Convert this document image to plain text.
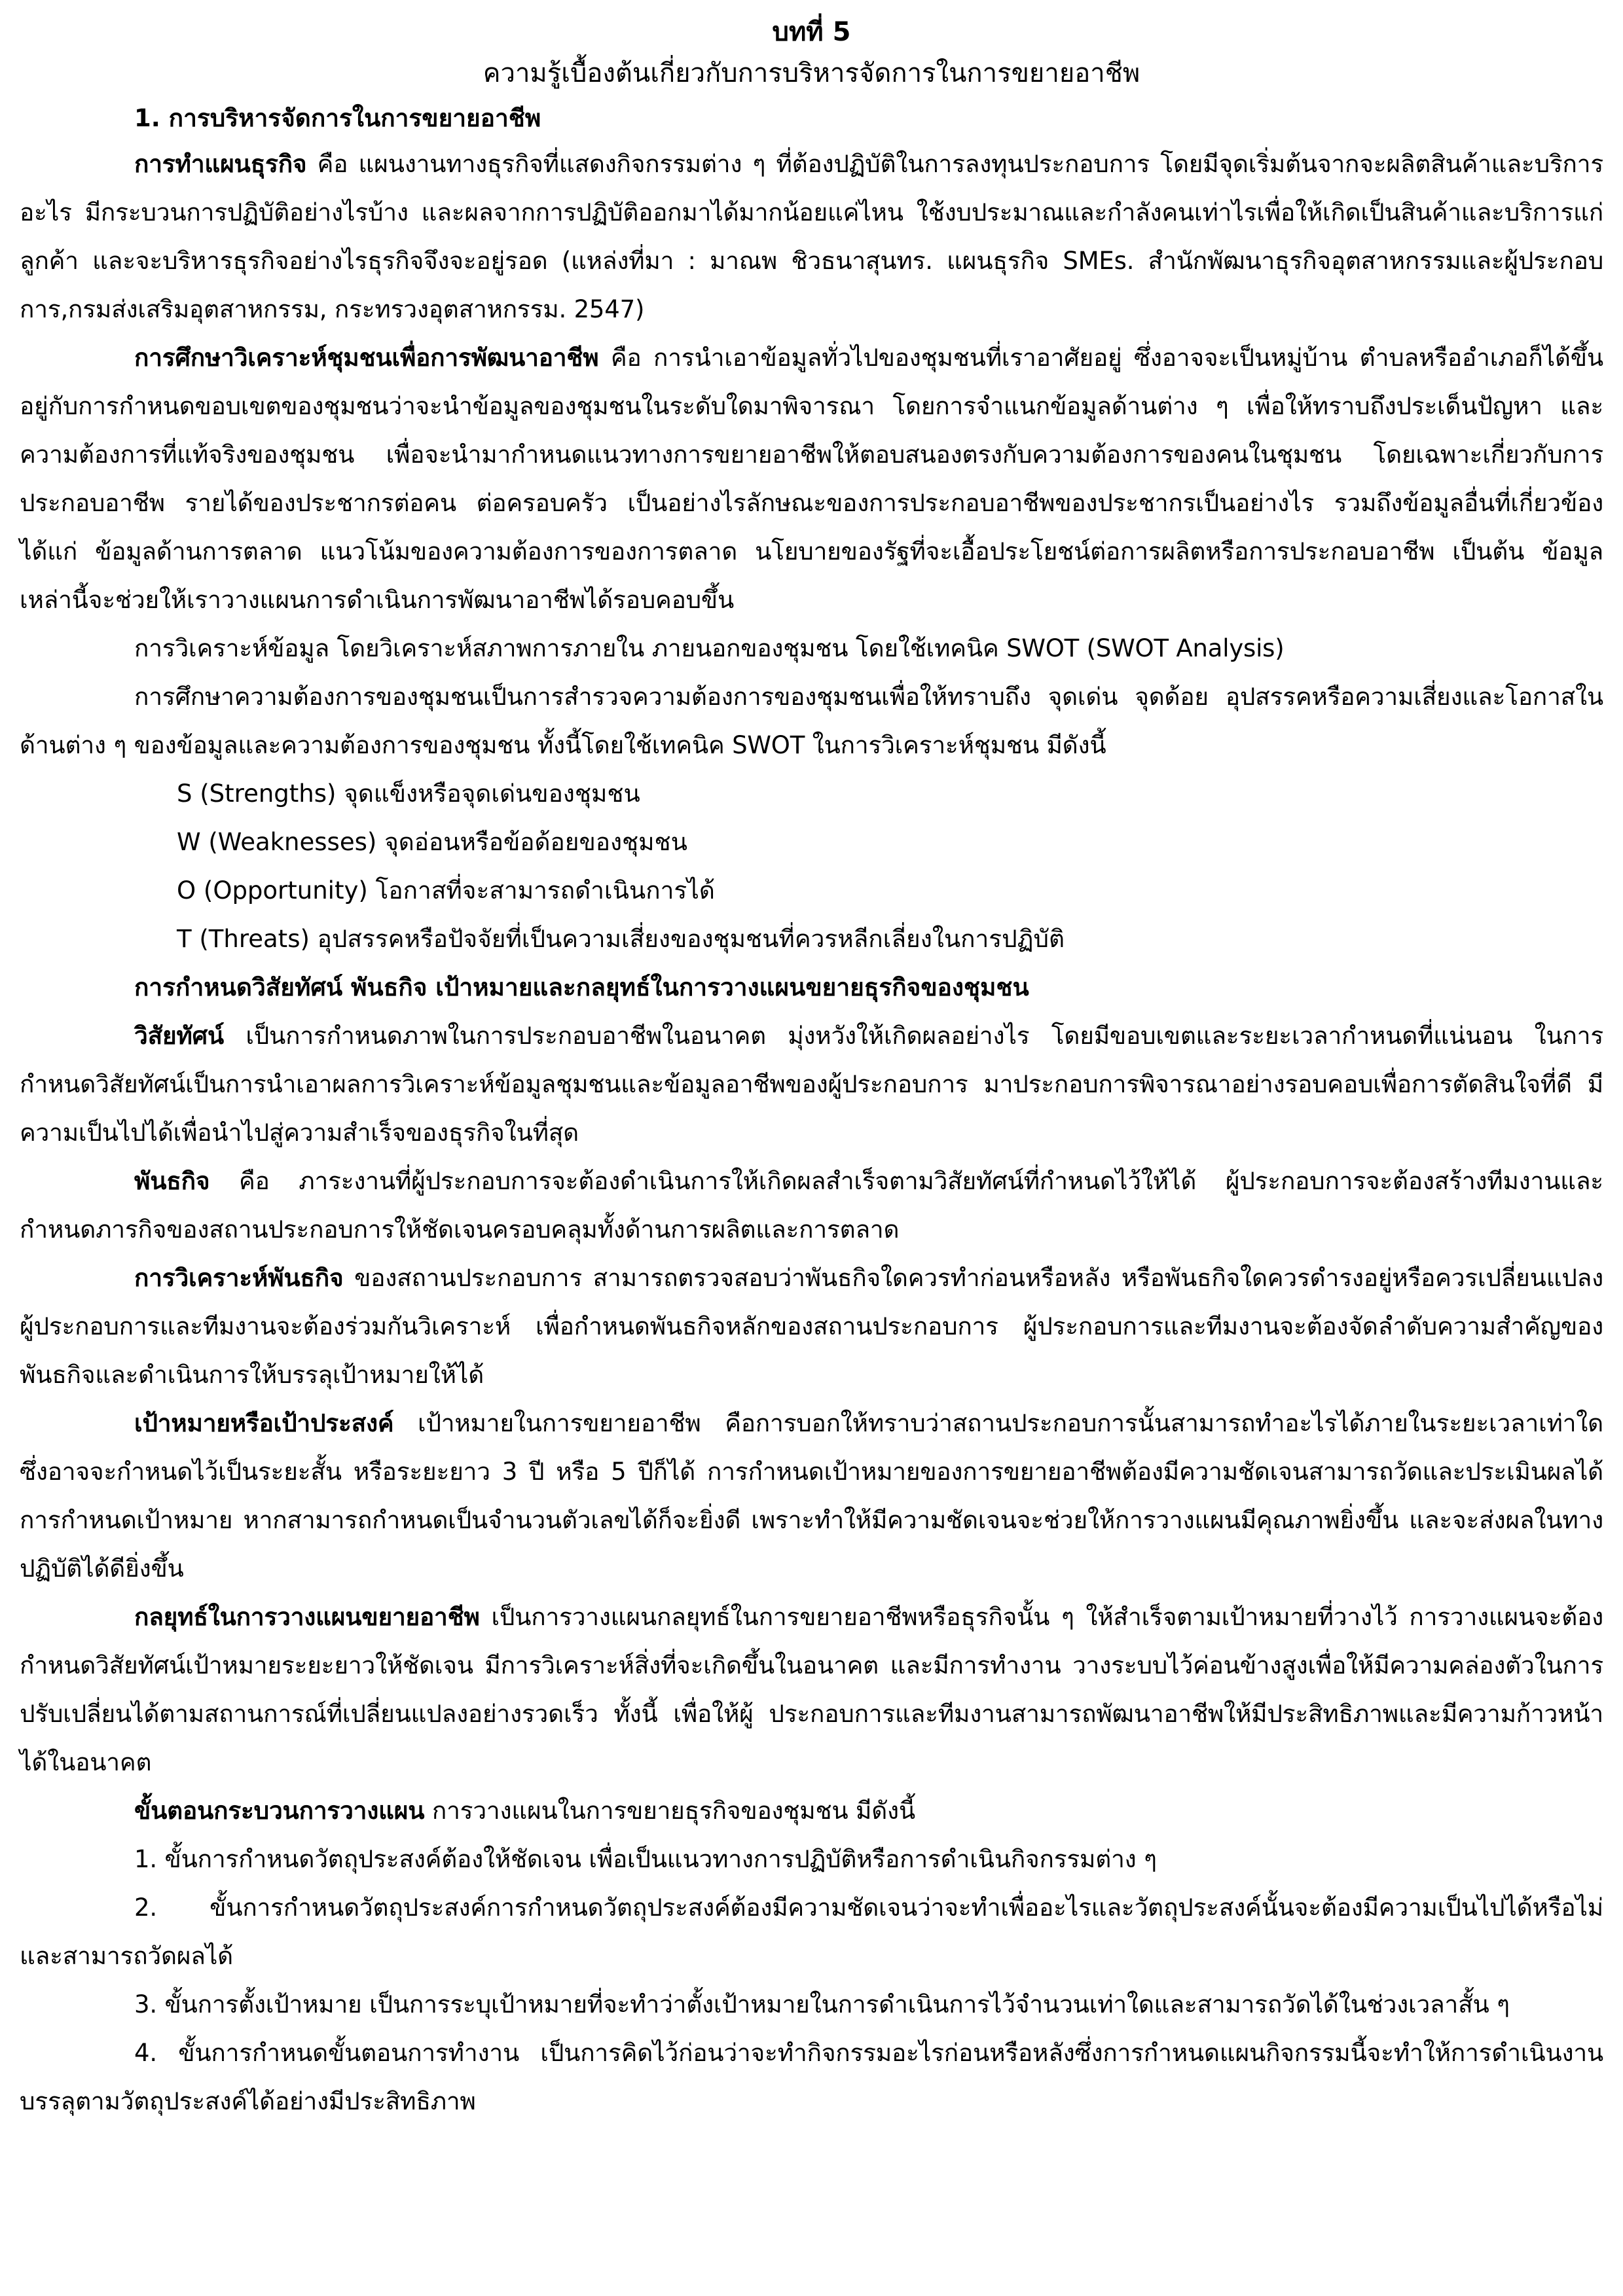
บทที่ 5
ความรู้เบื้องต้นเกี่ยวกับการบริหารจัดการในการขยายอาชีพ
1. การบริหารจัดการในการขยายอาชีพ

การทำแผนธุรกิจ คือ แผนงานทางธุรกิจที่แสดงกิจกรรมต่าง ๆ ที่ต้องปฏิบัติในการลงทุนประกอบการ โดยมีจุดเริ่มต้นจากจะผลิตสินค้าและบริการอะไร มีกระบวนการปฏิบัติอย่างไรบ้าง และผลจากการปฏิบัติออกมาได้มากน้อยแค่ไหน ใช้งบประมาณและกำลังคนเท่าไรเพื่อให้เกิดเป็นสินค้าและบริการแก่ลูกค้า และจะบริหารธุรกิจอย่างไรธุรกิจจึงจะอยู่รอด (แหล่งที่มา : มาณพ ชิวธนาสุนทร. แผนธุรกิจ SMEs. สำนักพัฒนาธุรกิจอุตสาหกรรมและผู้ประกอบการ,กรมส่งเสริมอุตสาหกรรม, กระทรวงอุตสาหกรรม. 2547)

การศึกษาวิเคราะห์ชุมชนเพื่อการพัฒนาอาชีพ คือ การนำเอาข้อมูลทั่วไปของชุมชนที่เราอาศัยอยู่ ซึ่งอาจจะเป็นหมู่บ้าน ตำบลหรืออำเภอก็ได้ขึ้นอยู่กับการกำหนดขอบเขตของชุมชนว่าจะนำข้อมูลของชุมชนในระดับใดมาพิจารณา โดยการจำแนกข้อมูลด้านต่าง ๆ เพื่อให้ทราบถึงประเด็นปัญหา และความต้องการที่แท้จริงของชุมชน เพื่อจะนำมากำหนดแนวทางการขยายอาชีพให้ตอบสนองตรงกับความต้องการของคนในชุมชน โดยเฉพาะเกี่ยวกับการประกอบอาชีพ รายได้ของประชากรต่อคน ต่อครอบครัว เป็นอย่างไรลักษณะของการประกอบอาชีพของประชากรเป็นอย่างไร รวมถึงข้อมูลอื่นที่เกี่ยวข้อง ได้แก่ ข้อมูลด้านการตลาด แนวโน้มของความต้องการของการตลาด นโยบายของรัฐที่จะเอื้อประโยชน์ต่อการผลิตหรือการประกอบอาชีพ เป็นต้น ข้อมูลเหล่านี้จะช่วยให้เราวางแผนการดำเนินการพัฒนาอาชีพได้รอบคอบขึ้น

การวิเคราะห์ข้อมูล โดยวิเคราะห์สภาพการภายใน ภายนอกของชุมชน โดยใช้เทคนิค SWOT (SWOT Analysis)

การศึกษาความต้องการของชุมชนเป็นการสำรวจความต้องการของชุมชนเพื่อให้ทราบถึง จุดเด่น จุดด้อย อุปสรรคหรือความเสี่ยงและโอกาสในด้านต่าง ๆ ของข้อมูลและความต้องการของชุมชน ทั้งนี้โดยใช้เทคนิค SWOT ในการวิเคราะห์ชุมชน มีดังนี้

S (Strengths) จุดแข็งหรือจุดเด่นของชุมชน
W (Weaknesses) จุดอ่อนหรือข้อด้อยของชุมชน
O (Opportunity) โอกาสที่จะสามารถดำเนินการได้
T (Threats) อุปสรรคหรือปัจจัยที่เป็นความเสี่ยงของชุมชนที่ควรหลีกเลี่ยงในการปฏิบัติ
การกำหนดวิสัยทัศน์ พันธกิจ เป้าหมายและกลยุทธ์ในการวางแผนขยายธุรกิจของชุมชน

วิสัยทัศน์ เป็นการกำหนดภาพในการประกอบอาชีพในอนาคต มุ่งหวังให้เกิดผลอย่างไร โดยมีขอบเขตและระยะเวลากำหนดที่แน่นอน ในการกำหนดวิสัยทัศน์เป็นการนำเอาผลการวิเคราะห์ข้อมูลชุมชนและข้อมูลอาชีพของผู้ประกอบการ มาประกอบการพิจารณาอย่างรอบคอบเพื่อการตัดสินใจที่ดี มีความเป็นไปได้เพื่อนำไปสู่ความสำเร็จของธุรกิจในที่สุด

พันธกิจ คือ ภาระงานที่ผู้ประกอบการจะต้องดำเนินการให้เกิดผลสำเร็จตามวิสัยทัศน์ที่กำหนดไว้ให้ได้ ผู้ประกอบการจะต้องสร้างทีมงานและกำหนดภารกิจของสถานประกอบการให้ชัดเจนครอบคลุมทั้งด้านการผลิตและการตลาด

การวิเคราะห์พันธกิจ ของสถานประกอบการ สามารถตรวจสอบว่าพันธกิจใดควรทำก่อนหรือหลัง หรือพันธกิจใดควรดำรงอยู่หรือควรเปลี่ยนแปลง ผู้ประกอบการและทีมงานจะต้องร่วมกันวิเคราะห์ เพื่อกำหนดพันธกิจหลักของสถานประกอบการ ผู้ประกอบการและทีมงานจะต้องจัดลำดับความสำคัญของพันธกิจและดำเนินการให้บรรลุเป้าหมายให้ได้

เป้าหมายหรือเป้าประสงค์ เป้าหมายในการขยายอาชีพ คือการบอกให้ทราบว่าสถานประกอบการนั้นสามารถทำอะไรได้ภายในระยะเวลาเท่าใด ซึ่งอาจจะกำหนดไว้เป็นระยะสั้น หรือระยะยาว 3 ปี หรือ 5 ปีก็ได้ การกำหนดเป้าหมายของการขยายอาชีพต้องมีความชัดเจนสามารถวัดและประเมินผลได้ การกำหนดเป้าหมาย หากสามารถกำหนดเป็นจำนวนตัวเลขได้ก็จะยิ่งดี เพราะทำให้มีความชัดเจนจะช่วยให้การวางแผนมีคุณภาพยิ่งขึ้น และจะส่งผลในทางปฏิบัติได้ดียิ่งขึ้น

กลยุทธ์ในการวางแผนขยายอาชีพ เป็นการวางแผนกลยุทธ์ในการขยายอาชีพหรือธุรกิจนั้น ๆ ให้สำเร็จตามเป้าหมายที่วางไว้ การวางแผนจะต้องกำหนดวิสัยทัศน์เป้าหมายระยะยาวให้ชัดเจน มีการวิเคราะห์สิ่งที่จะเกิดขึ้นในอนาคต และมีการทำงาน วางระบบไว้ค่อนข้างสูงเพื่อให้มีความคล่องตัวในการปรับเปลี่ยนได้ตามสถานการณ์ที่เปลี่ยนแปลงอย่างรวดเร็ว ทั้งนี้ เพื่อให้ผู้ ประกอบการและทีมงานสามารถพัฒนาอาชีพให้มีประสิทธิภาพและมีความก้าวหน้าได้ในอนาคต

ขั้นตอนกระบวนการวางแผน การวางแผนในการขยายธุรกิจของชุมชน มีดังนี้

1. ขั้นการกำหนดวัตถุประสงค์ต้องให้ชัดเจน เพื่อเป็นแนวทางการปฏิบัติหรือการดำเนินกิจกรรมต่าง ๆ

2. ขั้นการกำหนดวัตถุประสงค์การกำหนดวัตถุประสงค์ต้องมีความชัดเจนว่าจะทำเพื่ออะไรและวัตถุประสงค์นั้นจะต้องมีความเป็นไปได้หรือไม่ และสามารถวัดผลได้

3. ขั้นการตั้งเป้าหมาย เป็นการระบุเป้าหมายที่จะทำว่าตั้งเป้าหมายในการดำเนินการไว้จำนวนเท่าใดและสามารถวัดได้ในช่วงเวลาสั้น ๆ

4. ขั้นการกำหนดขั้นตอนการทำงาน เป็นการคิดไว้ก่อนว่าจะทำกิจกรรมอะไรก่อนหรือหลังซึ่งการกำหนดแผนกิจกรรมนี้จะทำให้การดำเนินงานบรรลุตามวัตถุประสงค์ได้อย่างมีประสิทธิภาพ
